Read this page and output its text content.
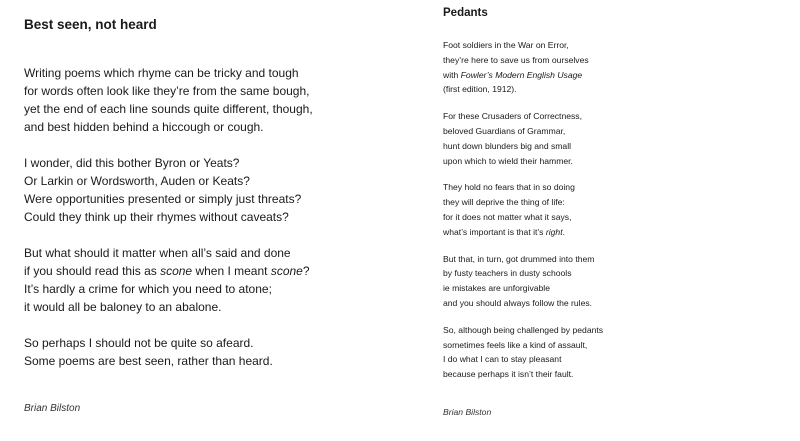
Best seen, not heard

Writing poems which rhyme can be tricky and tough
for words often look like they’re from the same bough,
yet the end of each line sounds quite different, though,
and best hidden behind a hiccough or cough.

I wonder, did this bother Byron or Yeats?
Or Larkin or Wordsworth, Auden or Keats?
Were opportunities presented or simply just threats?
Could they think up their rhymes without caveats?

But what should it matter when all’s said and done
if you should read this as scone when I meant scone?
It’s hardly a crime for which you need to atone;
it would all be baloney to an abalone.

So perhaps I should not be quite so afeard.
Some poems are best seen, rather than heard.

Brian Bilston
Pedants

Foot soldiers in the War on Error,
they’re here to save us from ourselves
with Fowler’s Modern English Usage
(first edition, 1912).

For these Crusaders of Correctness,
beloved Guardians of Grammar,
hunt down blunders big and small
upon which to wield their hammer.

They hold no fears that in so doing
they will deprive the thing of life:
for it does not matter what it says,
what’s important is that it’s right.

But that, in turn, got drummed into them
by fusty teachers in dusty schools
ie mistakes are unforgivable
and you should always follow the rules.

So, although being challenged by pedants
sometimes feels like a kind of assault,
I do what I can to stay pleasant
because perhaps it isn’t their fault.

Brian Bilston
